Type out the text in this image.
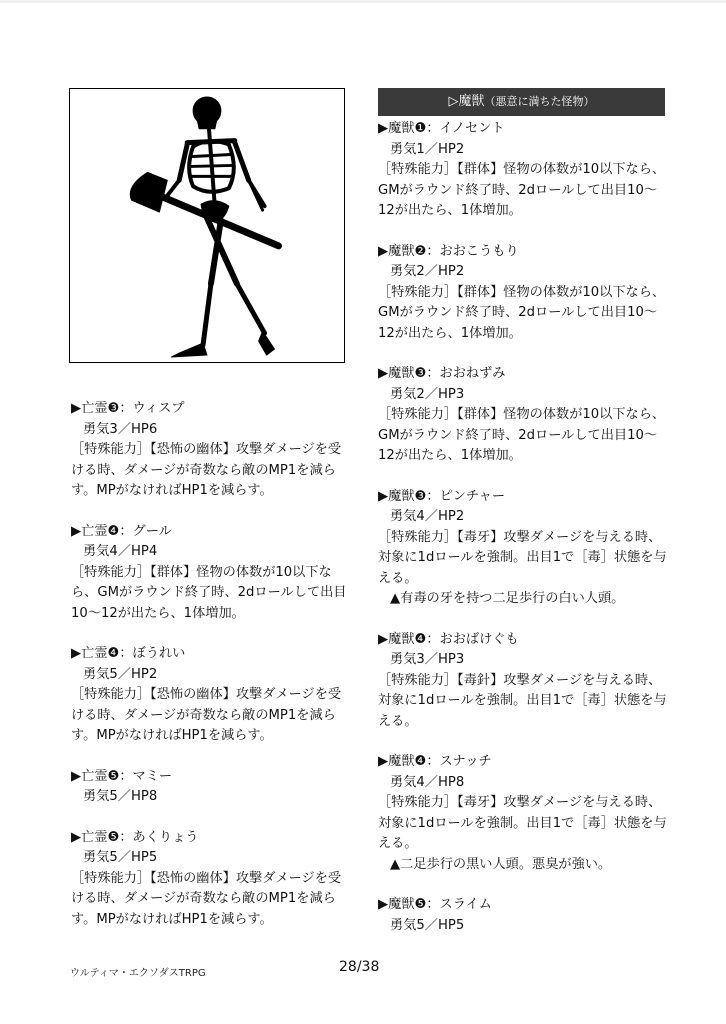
▶亡霊❸：ウィスプ

勇気3／HP6

［特殊能力］【恐怖の幽体】攻撃ダメージを受ける時、ダメージが奇数なら敵のMP1を減らす。MPがなければHP1を減らす。

▶亡霊❹：グール

勇気4／HP4

［特殊能力］【群体】怪物の体数が10以下なら、GMがラウンド終了時、2dロールして出目10〜12が出たら、1体増加。

▶亡霊❹：ぼうれい

勇気5／HP2

［特殊能力］【恐怖の幽体】攻撃ダメージを受ける時、ダメージが奇数なら敵のMP1を減らす。MPがなければHP1を減らす。

▶亡霊❺：マミー

勇気5／HP8

▶亡霊❺：あくりょう

勇気5／HP5

［特殊能力］【恐怖の幽体】攻撃ダメージを受ける時、ダメージが奇数なら敵のMP1を減らす。MPがなければHP1を減らす。

▷魔獣（悪意に満ちた怪物）

▶魔獣❶：イノセント

勇気1／HP2

［特殊能力］【群体】怪物の体数が10以下なら、GMがラウンド終了時、2dロールして出目10〜12が出たら、1体増加。

▶魔獣❷：おおこうもり

勇気2／HP2

［特殊能力］【群体】怪物の体数が10以下なら、GMがラウンド終了時、2dロールして出目10〜12が出たら、1体増加。

▶魔獣❸：おおねずみ

勇気2／HP3

［特殊能力］【群体】怪物の体数が10以下なら、GMがラウンド終了時、2dロールして出目10〜12が出たら、1体増加。

▶魔獣❸：ピンチャー

勇気4／HP2

［特殊能力］【毒牙】攻撃ダメージを与える時、対象に1dロールを強制。出目1で［毒］状態を与える。

▲有毒の牙を持つ二足歩行の白い人頭。

▶魔獣❹：おおばけぐも

勇気3／HP3

［特殊能力］【毒針】攻撃ダメージを与える時、対象に1dロールを強制。出目1で［毒］状態を与える。

▶魔獣❹：スナッチ

勇気4／HP8

［特殊能力］【毒牙】攻撃ダメージを与える時、対象に1dロールを強制。出目1で［毒］状態を与える。

▲二足歩行の黒い人頭。悪臭が強い。

▶魔獣❺：スライム

勇気5／HP5

ウルティマ・エクソダスTRPG	28/38
